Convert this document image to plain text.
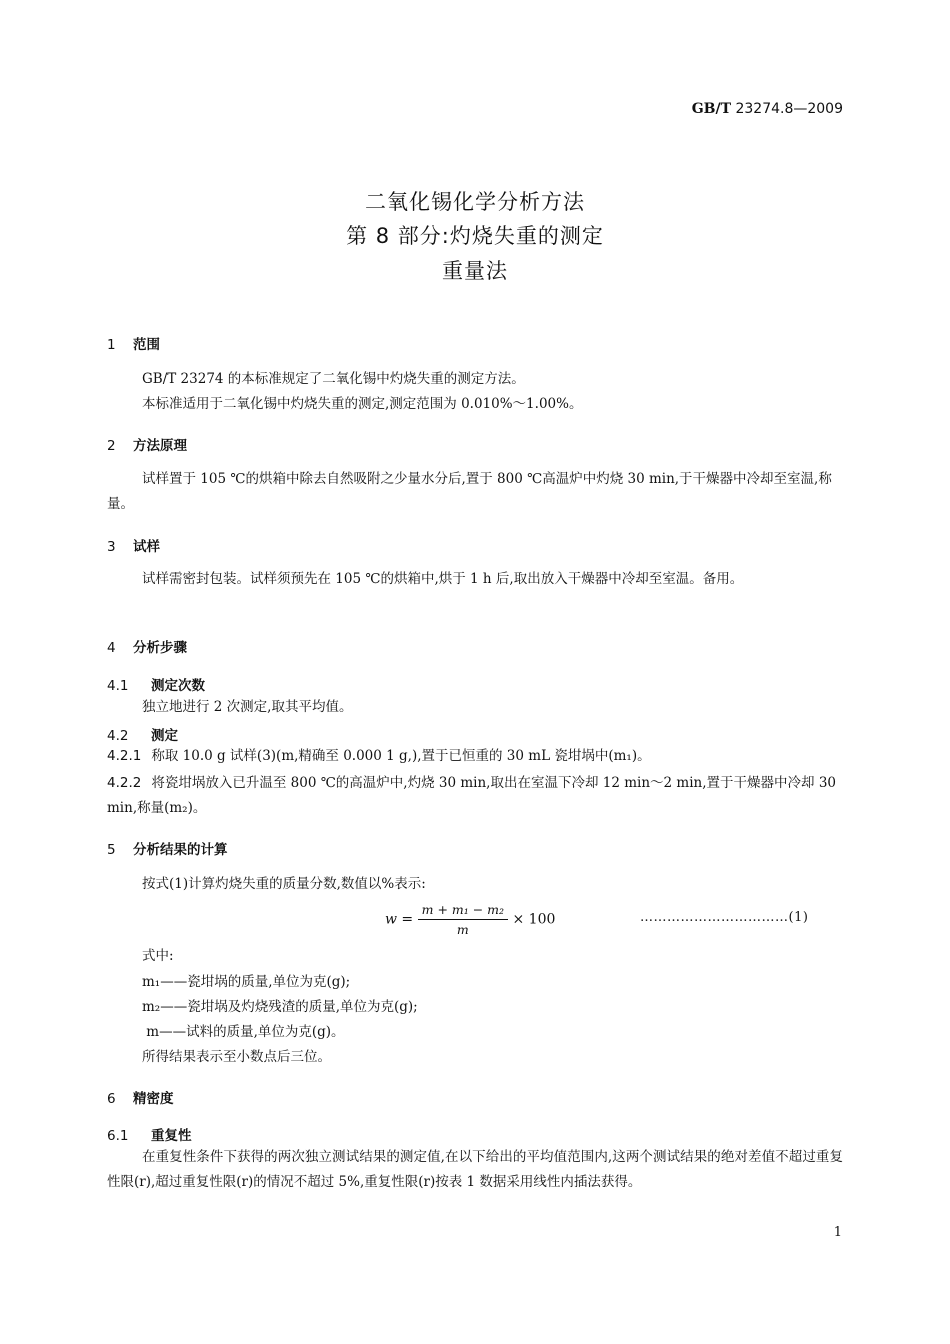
GB/T 23274.8—2009
二氧化锡化学分析方法
第 8 部分:灼烧失重的测定
重量法
1 范围
GB/T 23274 的本标准规定了二氧化锡中灼烧失重的测定方法。
本标准适用于二氧化锡中灼烧失重的测定,测定范围为 0.010%～1.00%。
2 方法原理
试样置于 105 ℃的烘箱中除去自然吸附之少量水分后,置于 800 ℃高温炉中灼烧 30 min,于干燥器中冷却至室温,称量。
3 试样
试样需密封包装。试样须预先在 105 ℃的烘箱中,烘于 1 h 后,取出放入干燥器中冷却至室温。备用。
4 分析步骤
4.1 测定次数
独立地进行 2 次测定,取其平均值。
4.2 测定
4.2.1 称取 10.0 g 试样(3)(m,精确至 0.000 1 g,),置于已恒重的 30 mL 瓷坩埚中(m₁)。
4.2.2 将瓷坩埚放入已升温至 800 ℃的高温炉中,灼烧 30 min,取出在室温下冷却 12 min～2 min,置于干燥器中冷却 30 min,称量(m₂)。
5 分析结果的计算
按式(1)计算灼烧失重的质量分数,数值以%表示:
$w = \frac{\text{m + m₁ − m₂}}{m} \times 100$	……………………………(1)
式中:
m₁——瓷坩埚的质量,单位为克(g);
m₂——瓷坩埚及灼烧残渣的质量,单位为克(g);
m——试料的质量,单位为克(g)。
所得结果表示至小数点后三位。
6 精密度
6.1 重复性
在重复性条件下获得的两次独立测试结果的测定值,在以下给出的平均值范围内,这两个测试结果的绝对差值不超过重复性限(r),超过重复性限(r)的情况不超过 5%,重复性限(r)按表 1 数据采用线性内插法获得。
1
